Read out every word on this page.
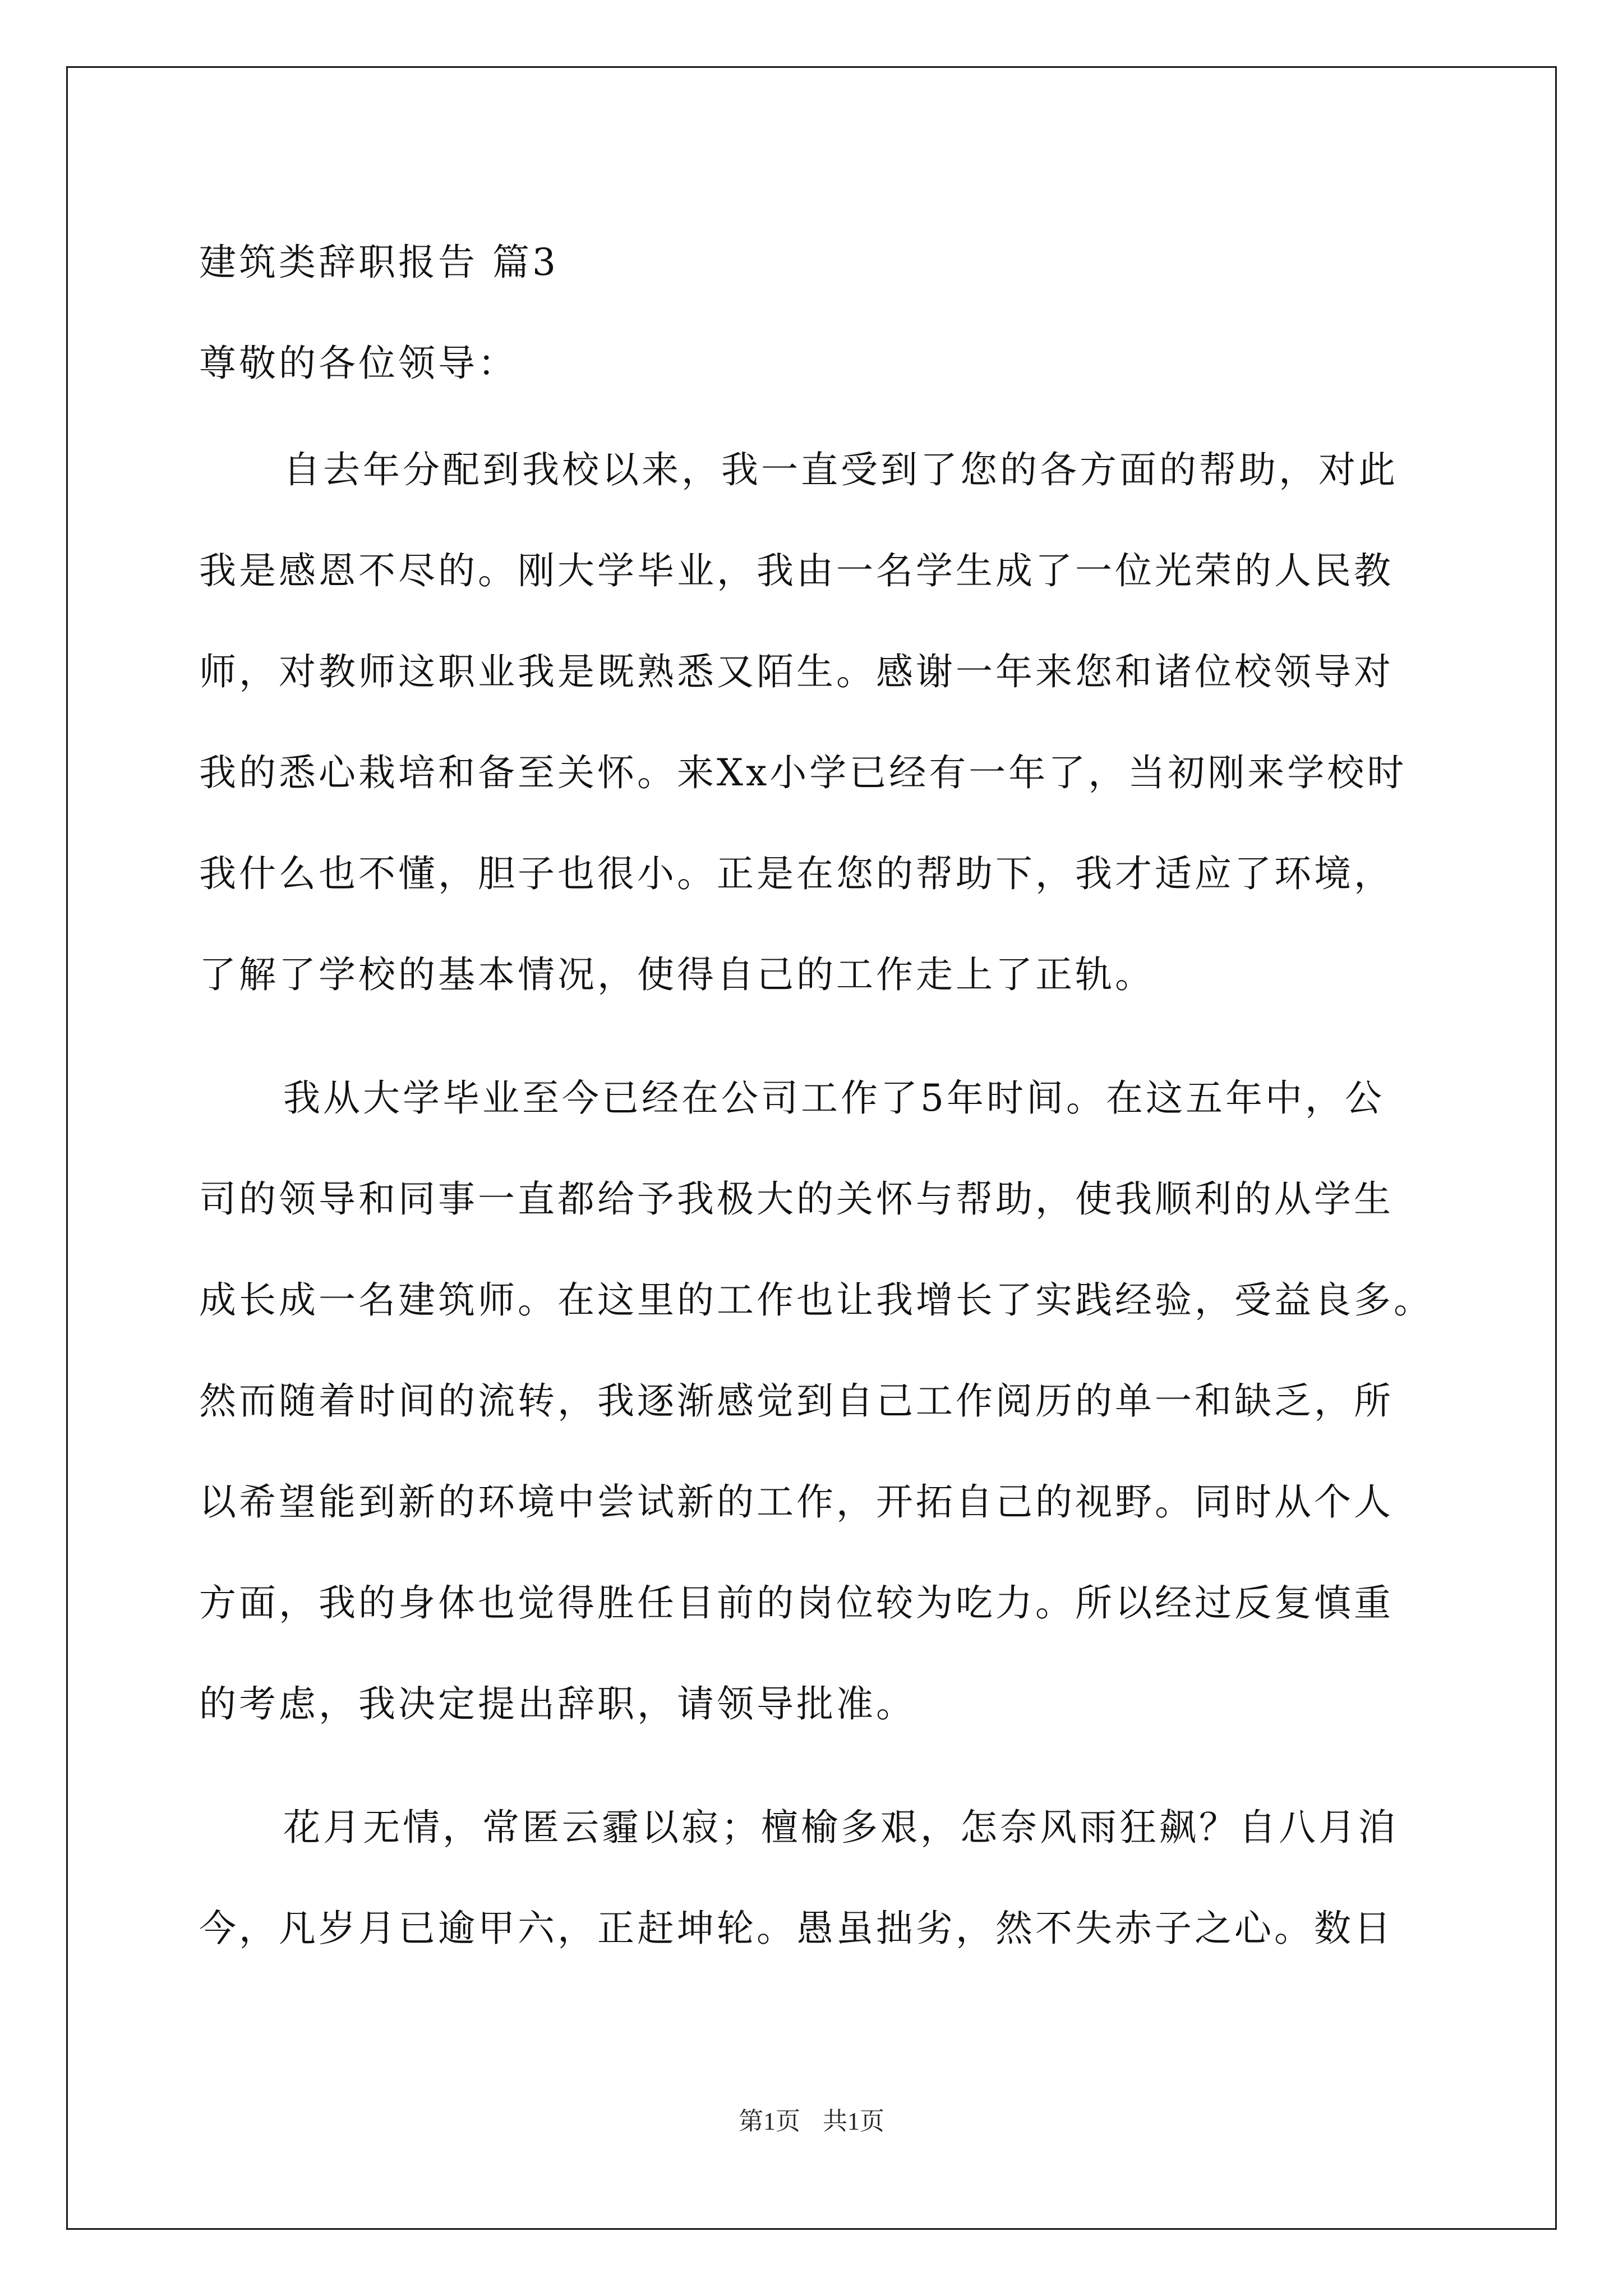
建筑类辞职报告 篇3
尊敬的各位领导：
自去年分配到我校以来，我一直受到了您的各方面的帮助，对此
我是感恩不尽的。刚大学毕业，我由一名学生成了一位光荣的人民教
师，对教师这职业我是既熟悉又陌生。感谢一年来您和诸位校领导对
我的悉心栽培和备至关怀。来Xx小学已经有一年了，当初刚来学校时
我什么也不懂，胆子也很小。正是在您的帮助下，我才适应了环境，
了解了学校的基本情况，使得自己的工作走上了正轨。
我从大学毕业至今已经在公司工作了5年时间。在这五年中，公
司的领导和同事一直都给予我极大的关怀与帮助，使我顺利的从学生
成长成一名建筑师。在这里的工作也让我增长了实践经验，受益良多。
然而随着时间的流转，我逐渐感觉到自己工作阅历的单一和缺乏，所
以希望能到新的环境中尝试新的工作，开拓自己的视野。同时从个人
方面，我的身体也觉得胜任目前的岗位较为吃力。所以经过反复慎重
的考虑，我决定提出辞职，请领导批准。
花月无情，常匿云霾以寂；檀榆多艰，怎奈风雨狂飙？自八月洎
今，凡岁月已逾甲六，正赶坤轮。愚虽拙劣，然不失赤子之心。数日
第1页 共1页
